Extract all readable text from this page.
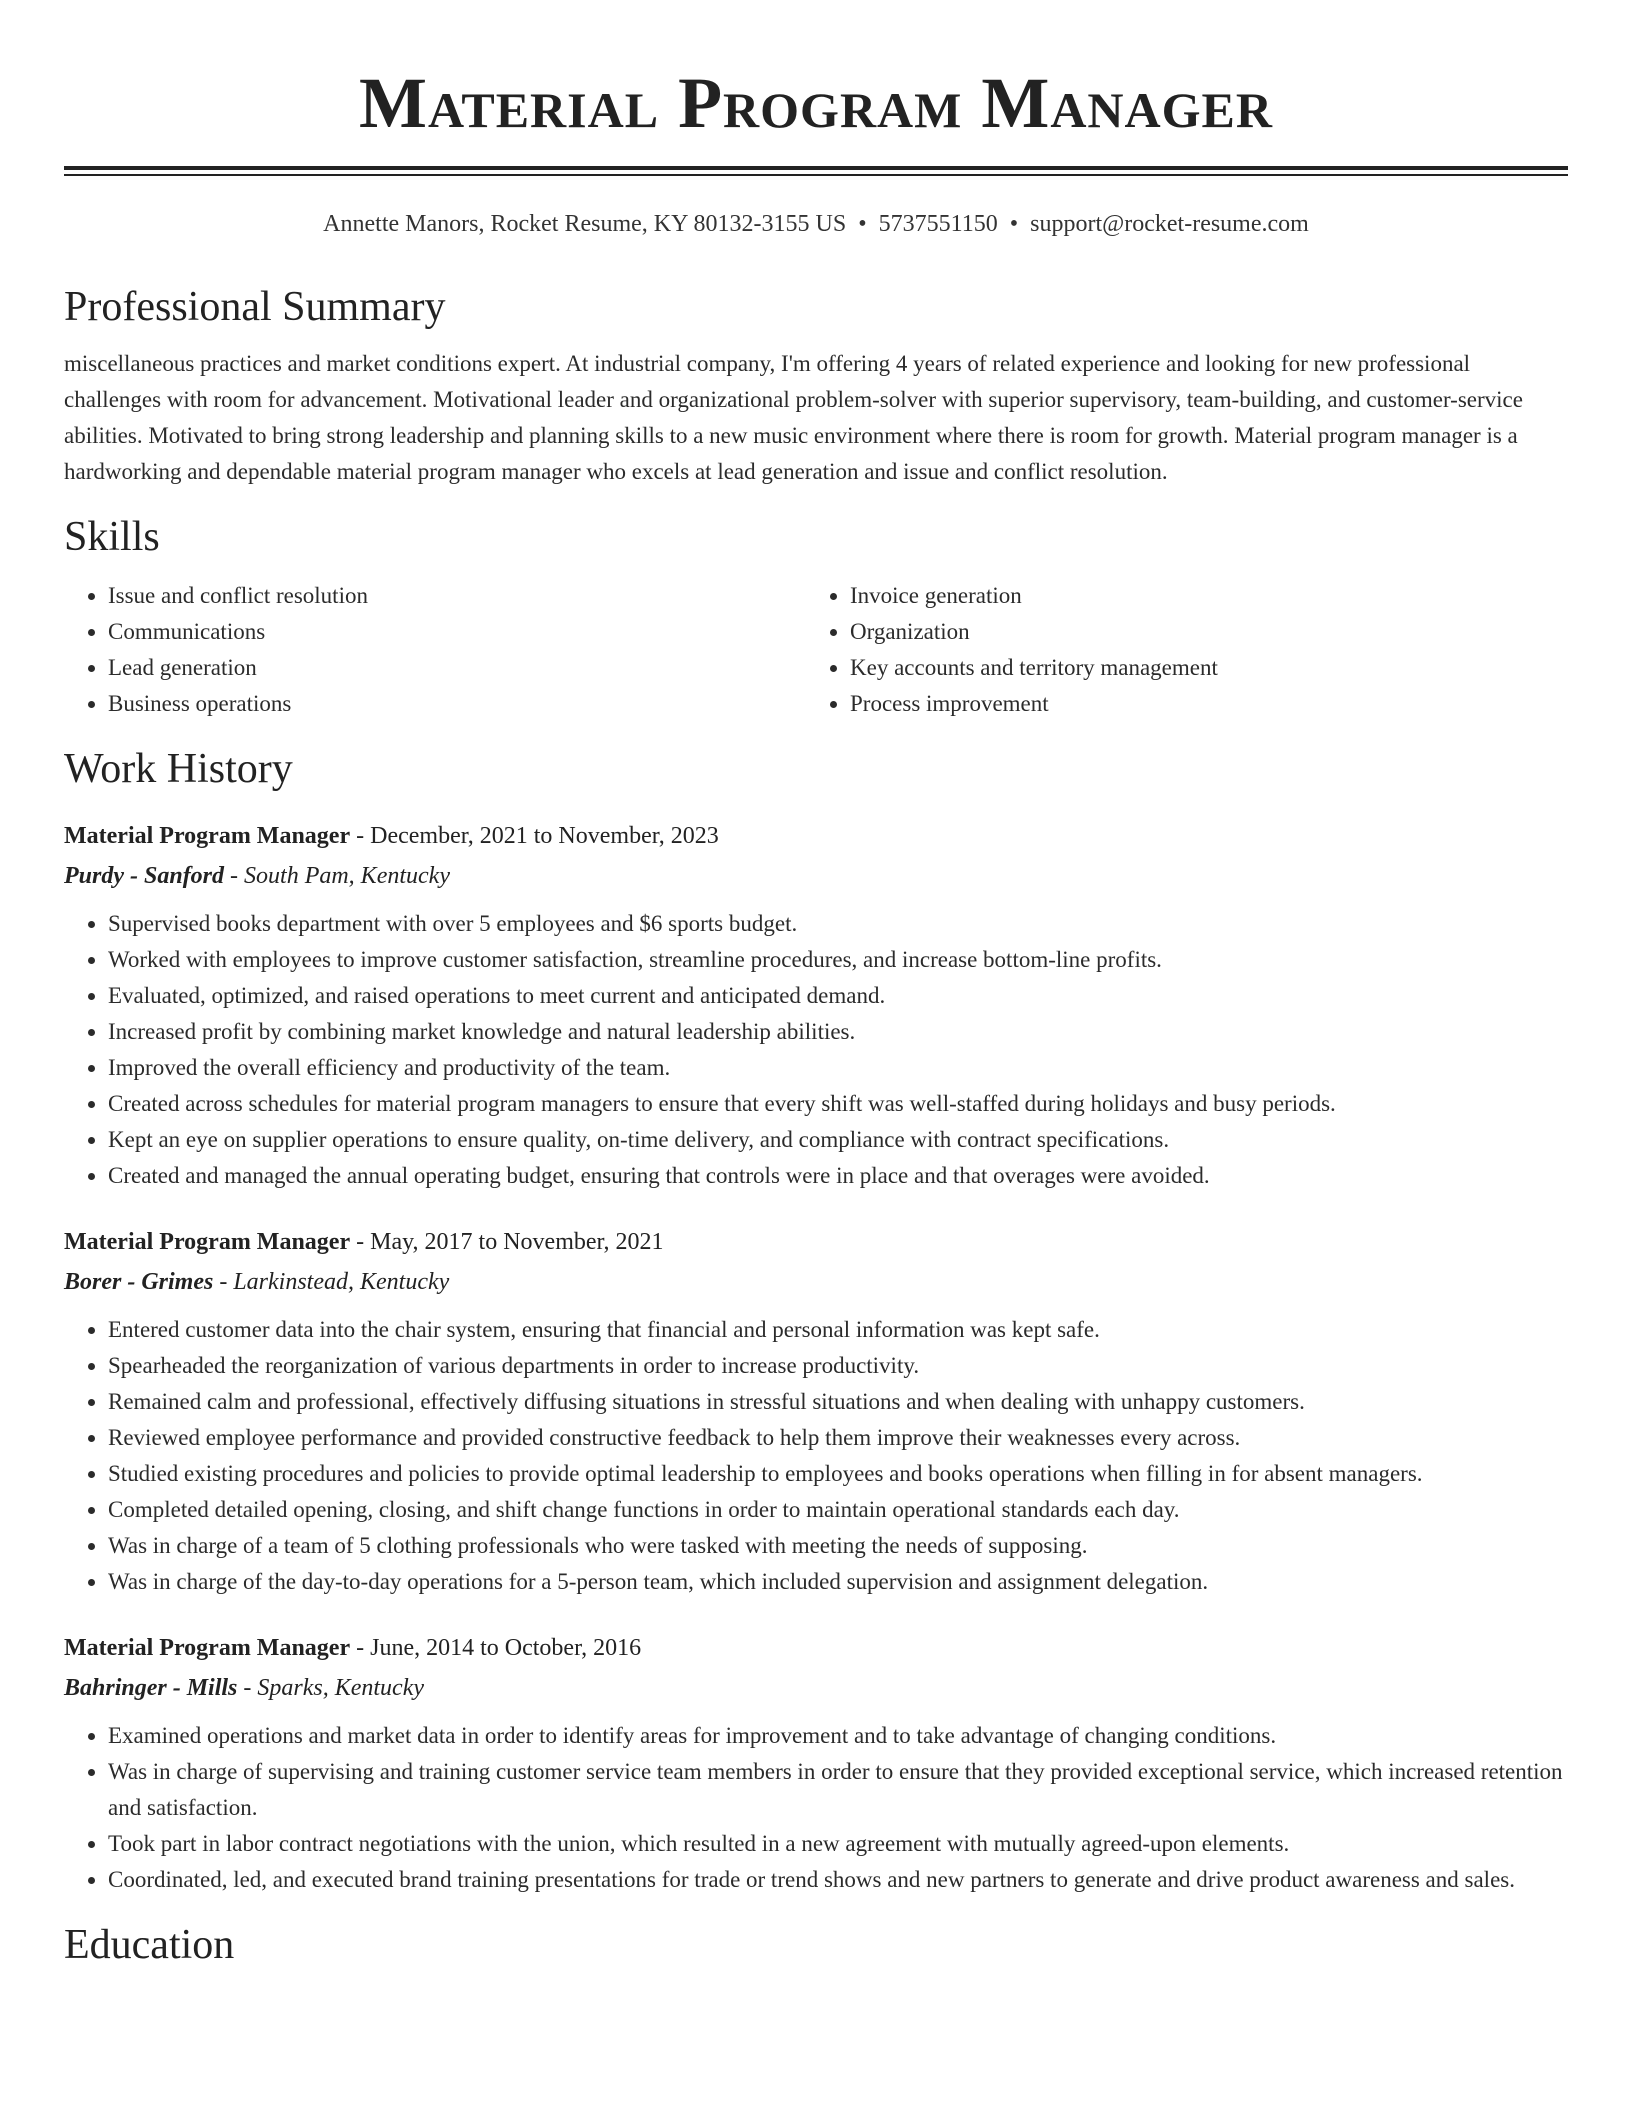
Material Program Manager
Annette Manors, Rocket Resume, KY 80132-3155 US • 5737551150 • support@rocket-resume.com
Professional Summary
miscellaneous practices and market conditions expert. At industrial company, I'm offering 4 years of related experience and looking for new professional challenges with room for advancement. Motivational leader and organizational problem-solver with superior supervisory, team-building, and customer-service abilities. Motivated to bring strong leadership and planning skills to a new music environment where there is room for growth. Material program manager is a hardworking and dependable material program manager who excels at lead generation and issue and conflict resolution.
Skills
• Issue and conflict resolution
• Communications
• Lead generation
• Business operations
• Invoice generation
• Organization
• Key accounts and territory management
• Process improvement
Work History
Material Program Manager - December, 2021 to November, 2023
Purdy - Sanford - South Pam, Kentucky
• Supervised books department with over 5 employees and $6 sports budget.
• Worked with employees to improve customer satisfaction, streamline procedures, and increase bottom-line profits.
• Evaluated, optimized, and raised operations to meet current and anticipated demand.
• Increased profit by combining market knowledge and natural leadership abilities.
• Improved the overall efficiency and productivity of the team.
• Created across schedules for material program managers to ensure that every shift was well-staffed during holidays and busy periods.
• Kept an eye on supplier operations to ensure quality, on-time delivery, and compliance with contract specifications.
• Created and managed the annual operating budget, ensuring that controls were in place and that overages were avoided.
Material Program Manager - May, 2017 to November, 2021
Borer - Grimes - Larkinstead, Kentucky
• Entered customer data into the chair system, ensuring that financial and personal information was kept safe.
• Spearheaded the reorganization of various departments in order to increase productivity.
• Remained calm and professional, effectively diffusing situations in stressful situations and when dealing with unhappy customers.
• Reviewed employee performance and provided constructive feedback to help them improve their weaknesses every across.
• Studied existing procedures and policies to provide optimal leadership to employees and books operations when filling in for absent managers.
• Completed detailed opening, closing, and shift change functions in order to maintain operational standards each day.
• Was in charge of a team of 5 clothing professionals who were tasked with meeting the needs of supposing.
• Was in charge of the day-to-day operations for a 5-person team, which included supervision and assignment delegation.
Material Program Manager - June, 2014 to October, 2016
Bahringer - Mills - Sparks, Kentucky
• Examined operations and market data in order to identify areas for improvement and to take advantage of changing conditions.
• Was in charge of supervising and training customer service team members in order to ensure that they provided exceptional service, which increased retention and satisfaction.
• Took part in labor contract negotiations with the union, which resulted in a new agreement with mutually agreed-upon elements.
• Coordinated, led, and executed brand training presentations for trade or trend shows and new partners to generate and drive product awareness and sales.
Education
